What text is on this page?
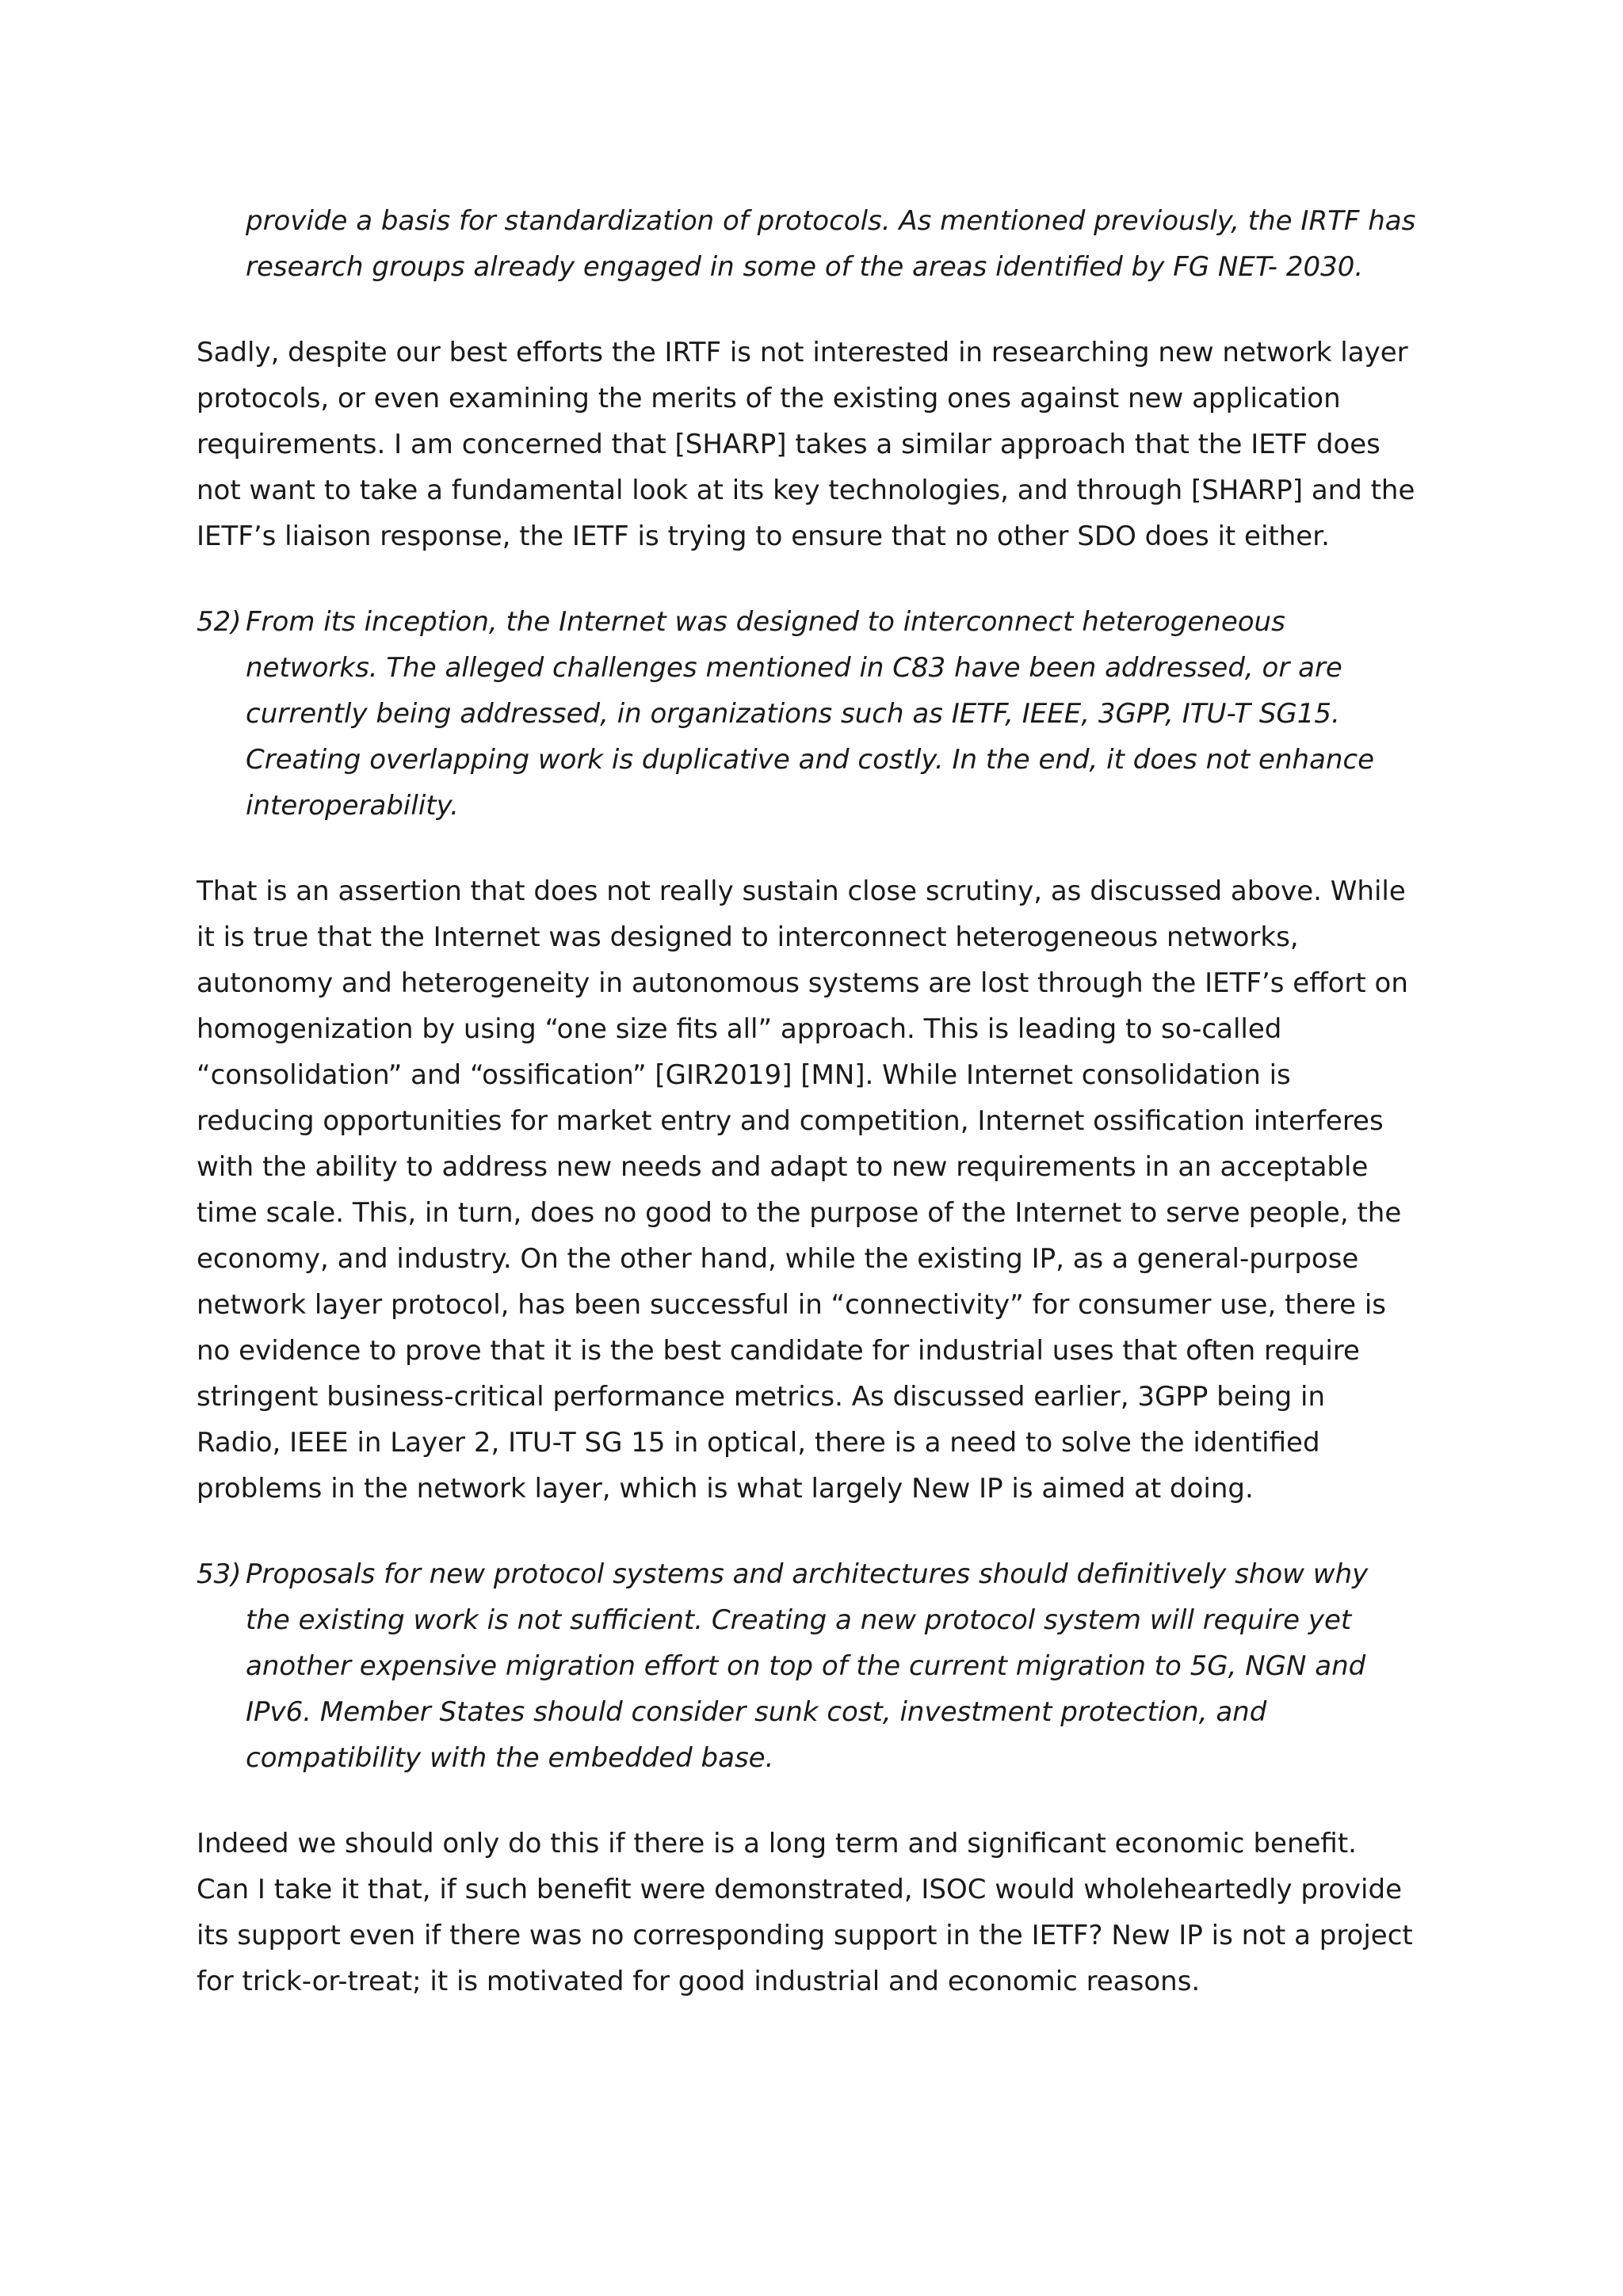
provide a basis for standardization of protocols. As mentioned previously, the IRTF has research groups already engaged in some of the areas identified by FG NET- 2030.

Sadly, despite our best efforts the IRTF is not interested in researching new network layer protocols, or even examining the merits of the existing ones against new application requirements. I am concerned that [SHARP] takes a similar approach that the IETF does not want to take a fundamental look at its key technologies, and through [SHARP] and the IETF’s liaison response, the IETF is trying to ensure that no other SDO does it either.

52) From its inception, the Internet was designed to interconnect heterogeneous networks. The alleged challenges mentioned in C83 have been addressed, or are currently being addressed, in organizations such as IETF, IEEE, 3GPP, ITU-T SG15. Creating overlapping work is duplicative and costly. In the end, it does not enhance interoperability.

That is an assertion that does not really sustain close scrutiny, as discussed above. While it is true that the Internet was designed to interconnect heterogeneous networks, autonomy and heterogeneity in autonomous systems are lost through the IETF’s effort on homogenization by using “one size fits all” approach. This is leading to so-called “consolidation” and “ossification” [GIR2019] [MN]. While Internet consolidation is reducing opportunities for market entry and competition, Internet ossification interferes with the ability to address new needs and adapt to new requirements in an acceptable time scale. This, in turn, does no good to the purpose of the Internet to serve people, the economy, and industry. On the other hand, while the existing IP, as a general-purpose network layer protocol, has been successful in “connectivity” for consumer use, there is no evidence to prove that it is the best candidate for industrial uses that often require stringent business-critical performance metrics. As discussed earlier, 3GPP being in Radio, IEEE in Layer 2, ITU-T SG 15 in optical, there is a need to solve the identified problems in the network layer, which is what largely New IP is aimed at doing.

53) Proposals for new protocol systems and architectures should definitively show why the existing work is not sufficient. Creating a new protocol system will require yet another expensive migration effort on top of the current migration to 5G, NGN and IPv6. Member States should consider sunk cost, investment protection, and compatibility with the embedded base.

Indeed we should only do this if there is a long term and significant economic benefit. Can I take it that, if such benefit were demonstrated, ISOC would wholeheartedly provide its support even if there was no corresponding support in the IETF? New IP is not a project for trick-or-treat; it is motivated for good industrial and economic reasons.
